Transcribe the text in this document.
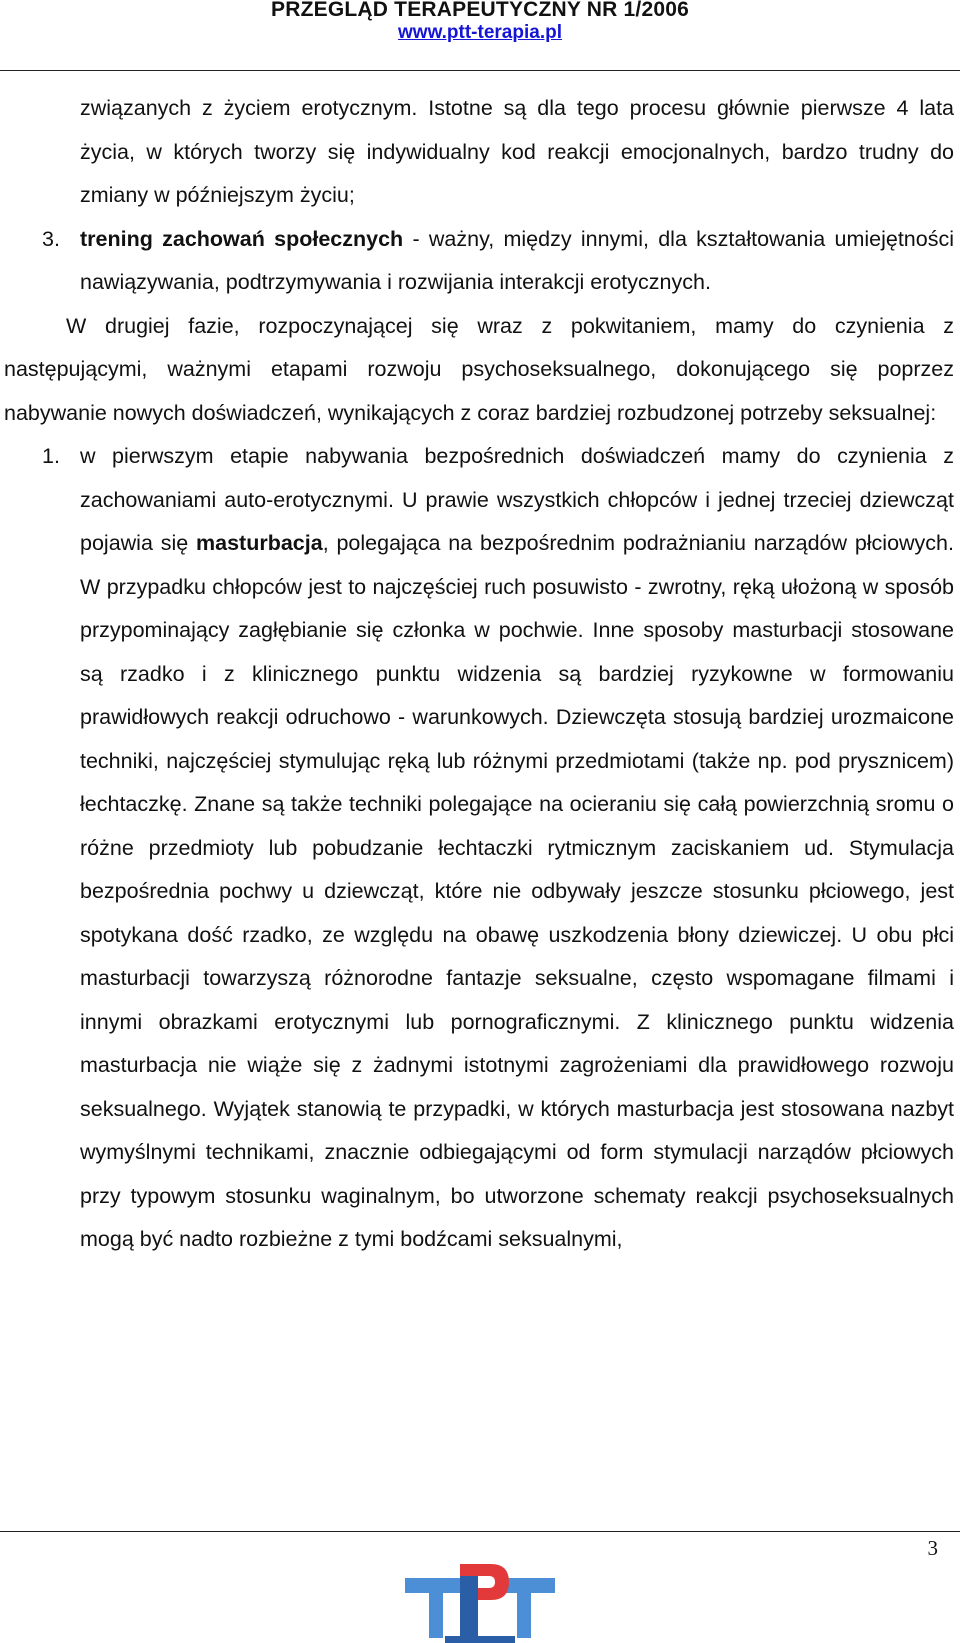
PRZEGLĄD TERAPEUTYCZNY NR 1/2006
www.ptt-terapia.pl

związanych z życiem erotycznym. Istotne są dla tego procesu głównie pierwsze 4 lata życia, w których tworzy się indywidualny kod reakcji emocjonalnych, bardzo trudny do zmiany w późniejszym życiu;

3. trening zachowań społecznych - ważny, między innymi, dla kształtowania umiejętności nawiązywania, podtrzymywania i rozwijania interakcji erotycznych.

W drugiej fazie, rozpoczynającej się wraz z pokwitaniem, mamy do czynienia z następującymi, ważnymi etapami rozwoju psychoseksualnego, dokonującego się poprzez nabywanie nowych doświadczeń, wynikających z coraz bardziej rozbudzonej potrzeby seksualnej:

1. w pierwszym etapie nabywania bezpośrednich doświadczeń mamy do czynienia z zachowaniami auto-erotycznymi. U prawie wszystkich chłopców i jednej trzeciej dziewcząt pojawia się masturbacja, polegająca na bezpośrednim podrażnianiu narządów płciowych. W przypadku chłopców jest to najczęściej ruch posuwisto - zwrotny, ręką ułożoną w sposób przypominający zagłębianie się członka w pochwie. Inne sposoby masturbacji stosowane są rzadko i z klinicznego punktu widzenia są bardziej ryzykowne w formowaniu prawidłowych reakcji odruchowo - warunkowych. Dziewczęta stosują bardziej urozmaicone techniki, najczęściej stymulując ręką lub różnymi przedmiotami (także np. pod prysznicem) łechtaczkę. Znane są także techniki polegające na ocieraniu się całą powierzchnią sromu o różne przedmioty lub pobudzanie łechtaczki rytmicznym zaciskaniem ud. Stymulacja bezpośrednia pochwy u dziewcząt, które nie odbywały jeszcze stosunku płciowego, jest spotykana dość rzadko, ze względu na obawę uszkodzenia błony dziewiczej. U obu płci masturbacji towarzyszą różnorodne fantazje seksualne, często wspomagane filmami i innymi obrazkami erotycznymi lub pornograficznymi. Z klinicznego punktu widzenia masturbacja nie wiąże się z żadnymi istotnymi zagrożeniami dla prawidłowego rozwoju seksualnego. Wyjątek stanowią te przypadki, w których masturbacja jest stosowana nazbyt wymyślnymi technikami, znacznie odbiegającymi od form stymulacji narządów płciowych przy typowym stosunku waginalnym, bo utworzone schematy reakcji psychoseksualnych mogą być nadto rozbieżne z tymi bodźcami seksualnymi,

3
